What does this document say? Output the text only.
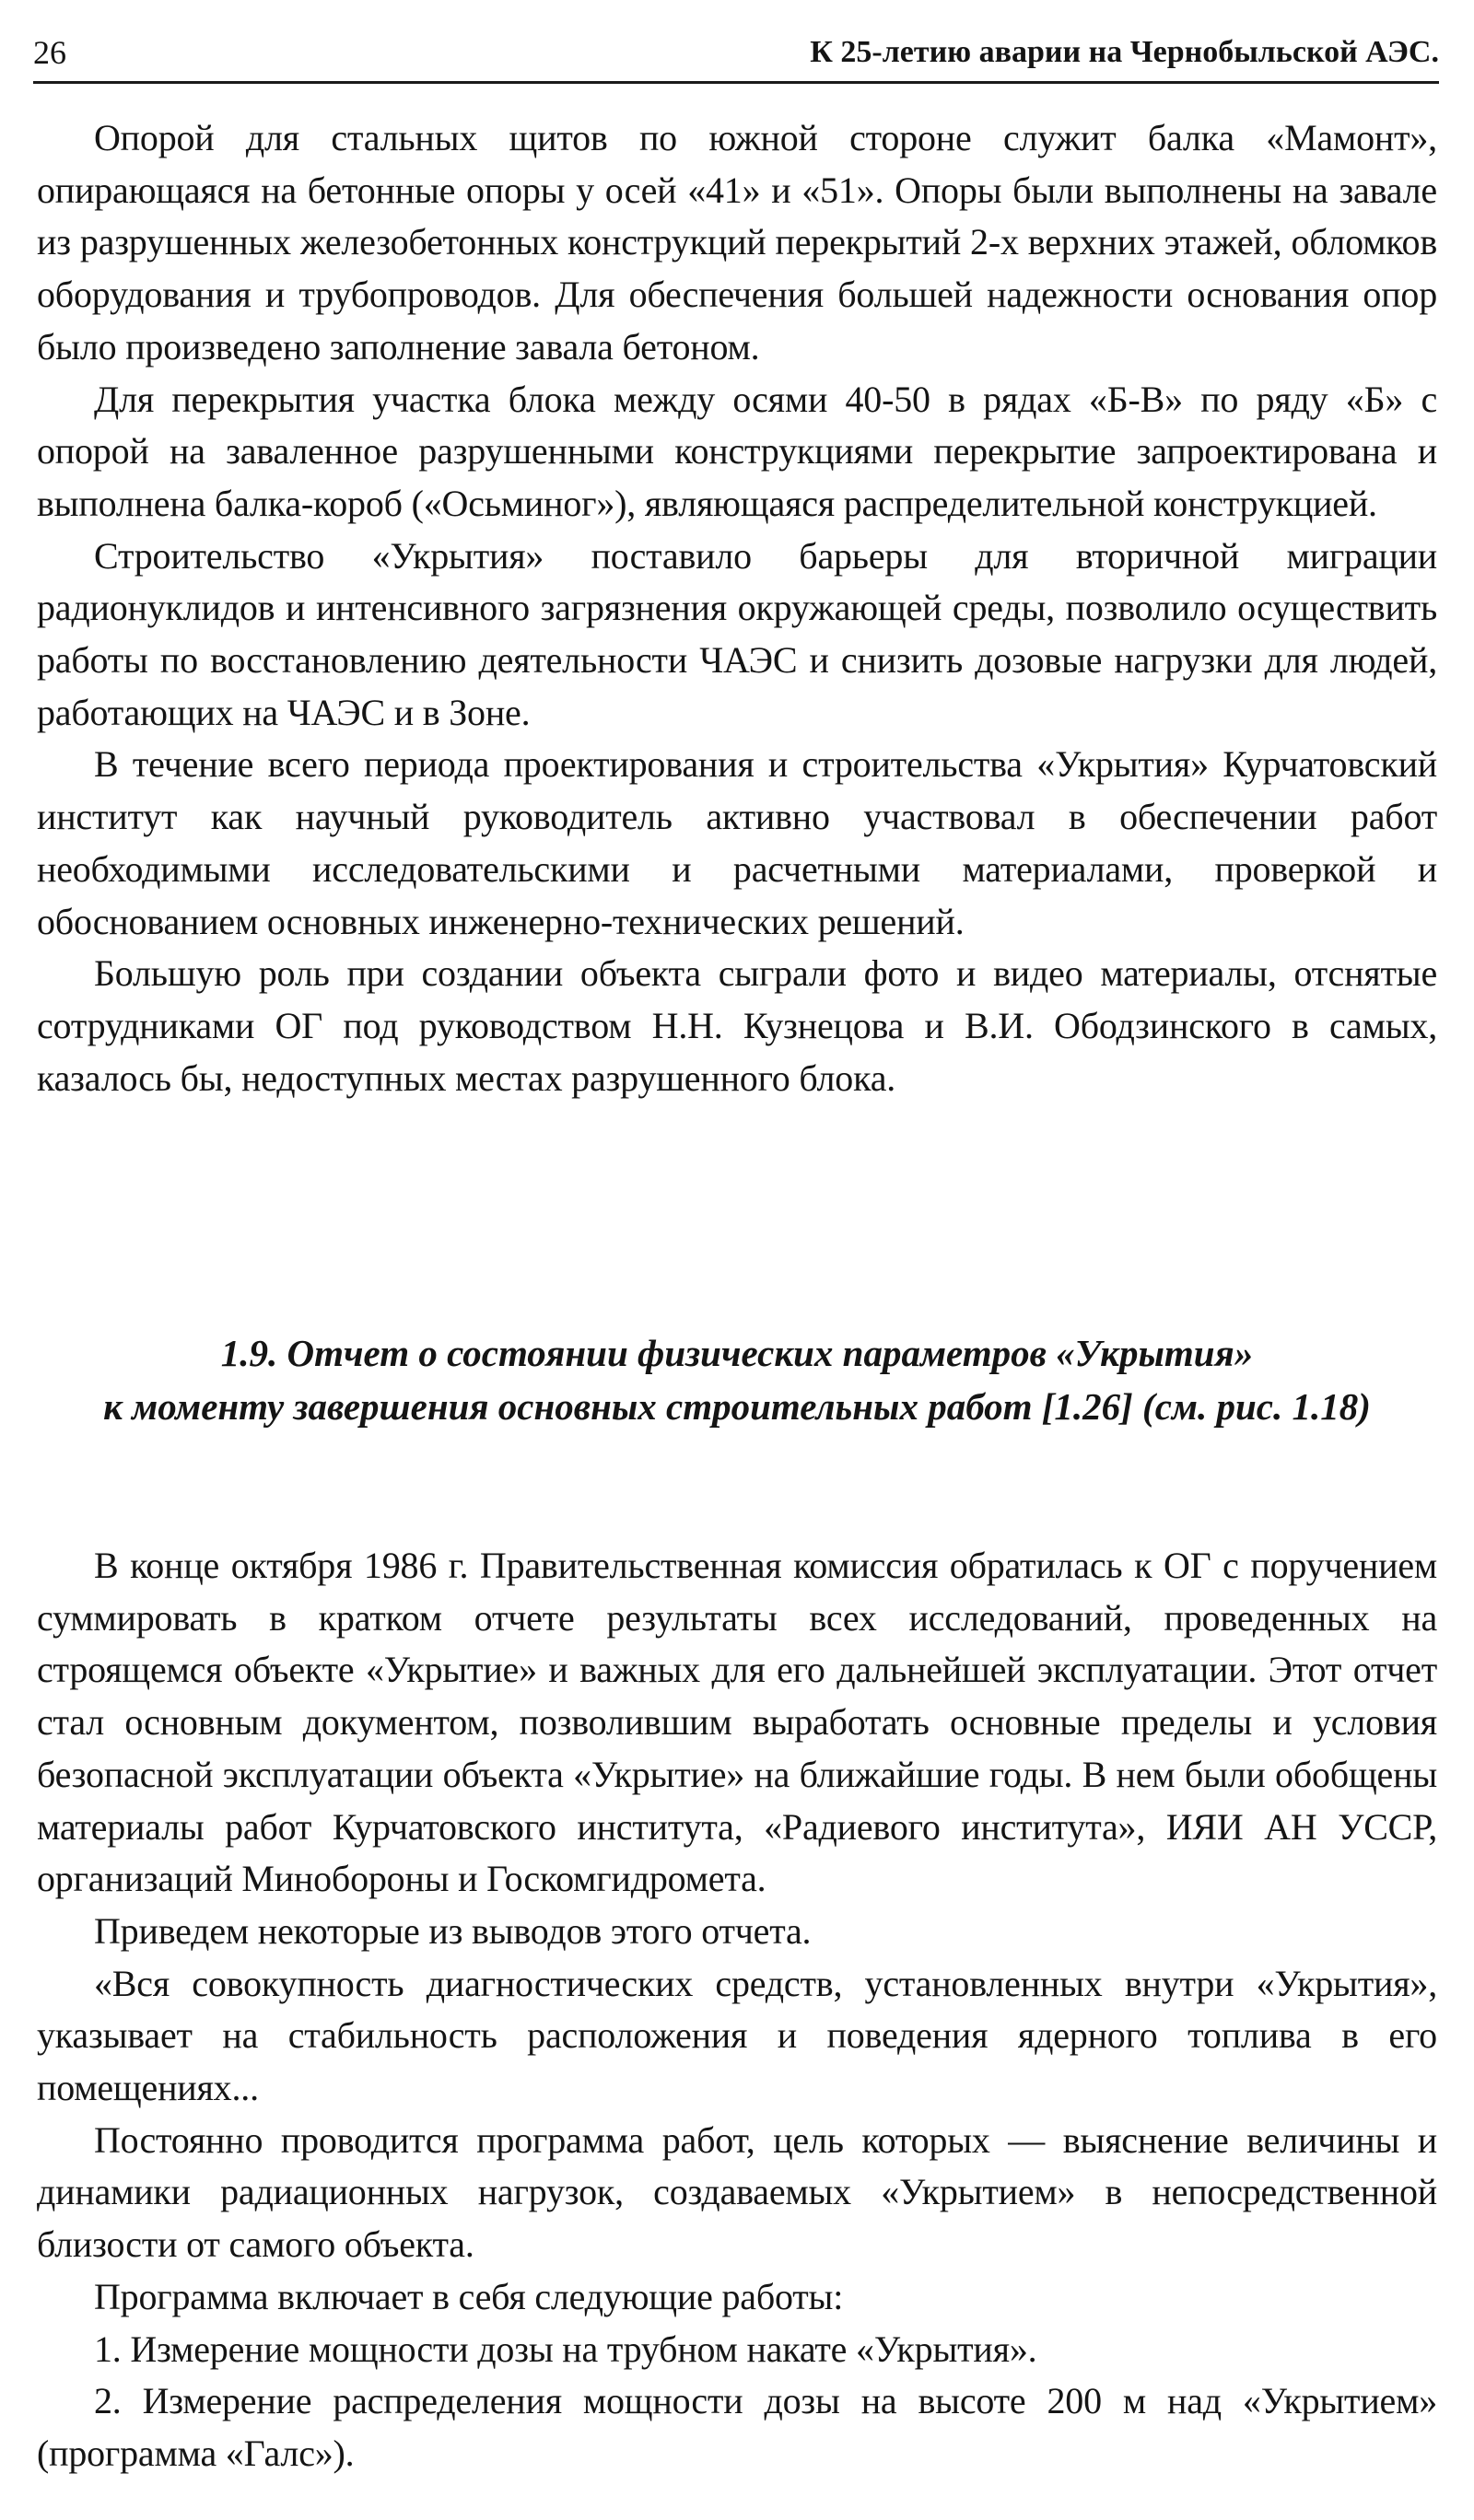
26	К 25-летию аварии на Чернобыльской АЭС.

Опорой для стальных щитов по южной стороне служит балка «Мамонт», опирающаяся на бетонные опоры у осей «41» и «51». Опоры были выполнены на завале из разрушенных железобетонных конструкций перекрытий 2-х верхних этажей, обломков оборудования и трубопроводов. Для обеспечения большей надежности основания опор было произведено заполнение завала бетоном.

Для перекрытия участка блока между осями 40-50 в рядах «Б-В» по ряду «Б» с опорой на заваленное разрушенными конструкциями перекрытие запроектирована и выполнена балка-короб («Осьминог»), являющаяся распределительной конструкцией.

Строительство «Укрытия» поставило барьеры для вторичной миграции радионуклидов и интенсивного загрязнения окружающей среды, позволило осуществить работы по восстановлению деятельности ЧАЭС и снизить дозовые нагрузки для людей, работающих на ЧАЭС и в Зоне.

В течение всего периода проектирования и строительства «Укрытия» Курчатовский институт как научный руководитель активно участвовал в обеспечении работ необходимыми исследовательскими и расчетными материалами, проверкой и обоснованием основных инженерно-технических решений.

Большую роль при создании объекта сыграли фото и видео материалы, отснятые сотрудниками ОГ под руководством Н.Н. Кузнецова и В.И. Ободзинского в самых, казалось бы, недоступных местах разрушенного блока.

1.9. Отчет о состоянии физических параметров «Укрытия»
к моменту завершения основных строительных работ [1.26] (см. рис. 1.18)

В конце октября 1986 г. Правительственная комиссия обратилась к ОГ с поручением суммировать в кратком отчете результаты всех исследований, проведенных на строящемся объекте «Укрытие» и важных для его дальнейшей эксплуатации. Этот отчет стал основным документом, позволившим выработать основные пределы и условия безопасной эксплуатации объекта «Укрытие» на ближайшие годы. В нем были обобщены материалы работ Курчатовского института, «Радиевого института», ИЯИ АН УССР, организаций Минобороны и Госкомгидромета.

Приведем некоторые из выводов этого отчета.

«Вся совокупность диагностических средств, установленных внутри «Укрытия», указывает на стабильность расположения и поведения ядерного топлива в его помещениях...

Постоянно проводится программа работ, цель которых — выяснение величины и динамики радиационных нагрузок, создаваемых «Укрытием» в непосредственной близости от самого объекта.

Программа включает в себя следующие работы:

1. Измерение мощности дозы на трубном накате «Укрытия».

2. Измерение распределения мощности дозы на высоте 200 м над «Укрытием» (программа «Галс»).
